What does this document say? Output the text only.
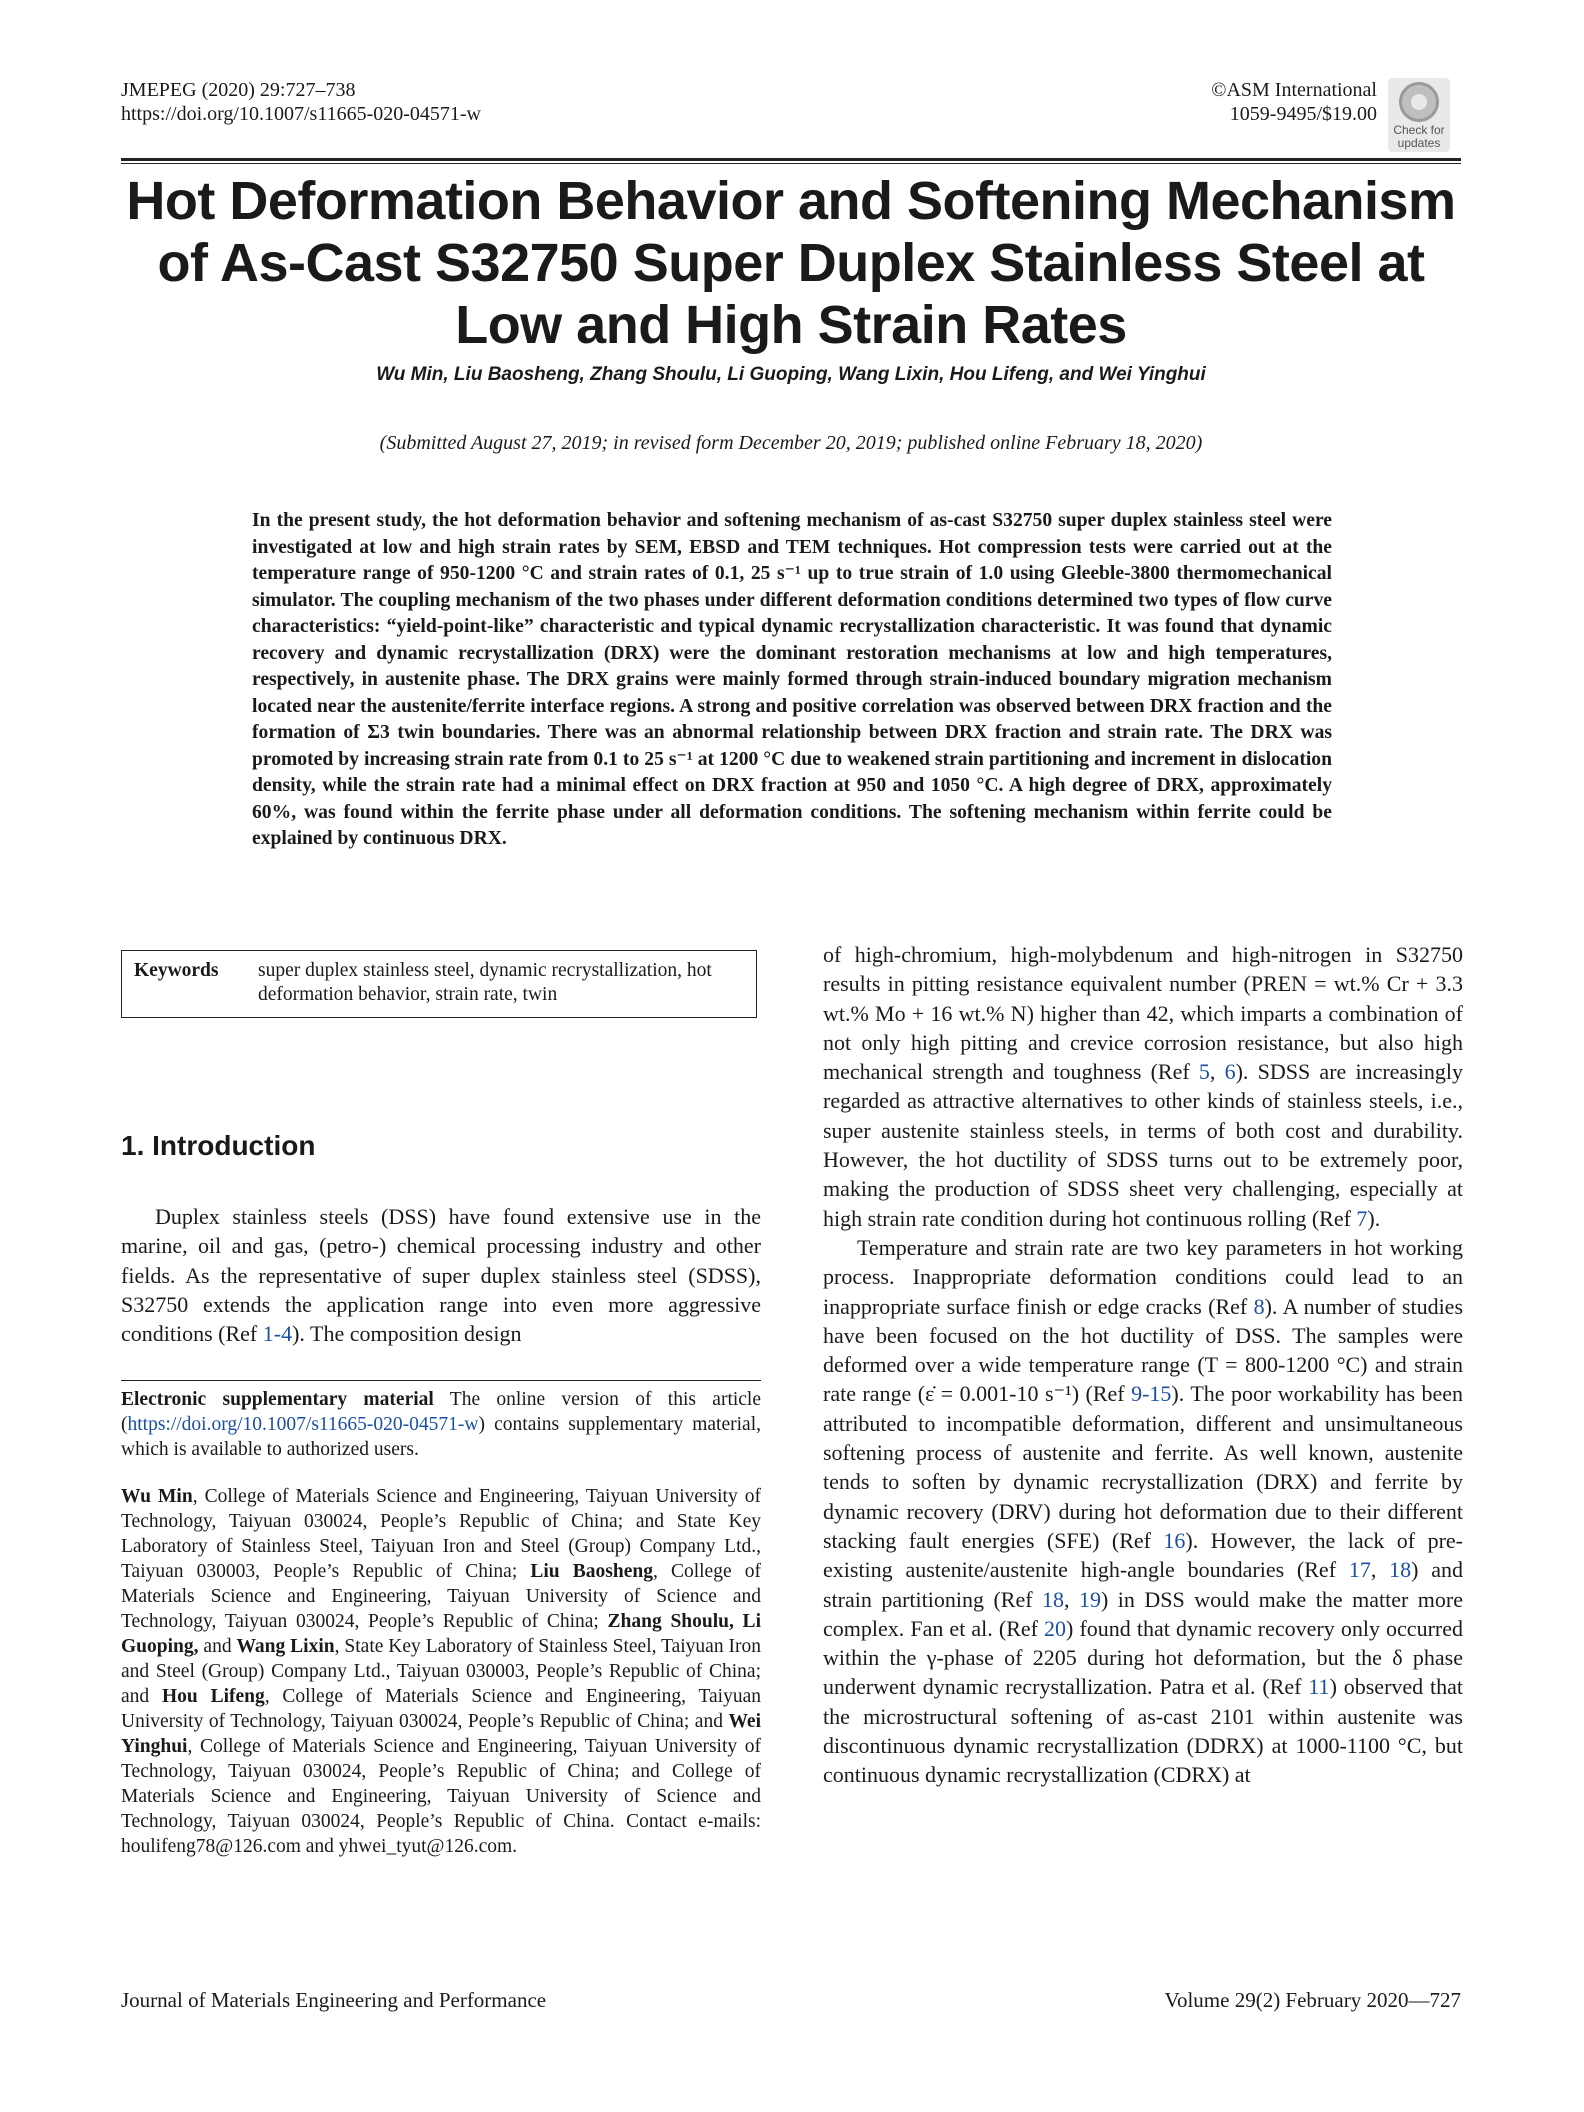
JMEPEG (2020) 29:727–738
https://doi.org/10.1007/s11665-020-04571-w
©ASM International
1059-9495/$19.00
Check for
updates
Hot Deformation Behavior and Softening Mechanism of As-Cast S32750 Super Duplex Stainless Steel at Low and High Strain Rates
Wu Min, Liu Baosheng, Zhang Shoulu, Li Guoping, Wang Lixin, Hou Lifeng, and Wei Yinghui
(Submitted August 27, 2019; in revised form December 20, 2019; published online February 18, 2020)
In the present study, the hot deformation behavior and softening mechanism of as-cast S32750 super duplex stainless steel were investigated at low and high strain rates by SEM, EBSD and TEM techniques. Hot compression tests were carried out at the temperature range of 950-1200 °C and strain rates of 0.1, 25 s⁻¹ up to true strain of 1.0 using Gleeble-3800 thermomechanical simulator. The coupling mechanism of the two phases under different deformation conditions determined two types of flow curve characteristics: “yield-point-like” characteristic and typical dynamic recrystallization characteristic. It was found that dynamic recovery and dynamic recrystallization (DRX) were the dominant restoration mechanisms at low and high temperatures, respectively, in austenite phase. The DRX grains were mainly formed through strain-induced boundary migration mechanism located near the austenite/ferrite interface regions. A strong and positive correlation was observed between DRX fraction and the formation of Σ3 twin boundaries. There was an abnormal relationship between DRX fraction and strain rate. The DRX was promoted by increasing strain rate from 0.1 to 25 s⁻¹ at 1200 °C due to weakened strain partitioning and increment in dislocation density, while the strain rate had a minimal effect on DRX fraction at 950 and 1050 °C. A high degree of DRX, approximately 60%, was found within the ferrite phase under all deformation conditions. The softening mechanism within ferrite could be explained by continuous DRX.
Keywords	super duplex stainless steel, dynamic recrystallization, hot deformation behavior, strain rate, twin
1. Introduction
Duplex stainless steels (DSS) have found extensive use in the marine, oil and gas, (petro-) chemical processing industry and other fields. As the representative of super duplex stainless steel (SDSS), S32750 extends the application range into even more aggressive conditions (Ref 1-4). The composition design
Electronic supplementary material The online version of this article (https://doi.org/10.1007/s11665-020-04571-w) contains supplementary material, which is available to authorized users.
Wu Min, College of Materials Science and Engineering, Taiyuan University of Technology, Taiyuan 030024, People’s Republic of China; and State Key Laboratory of Stainless Steel, Taiyuan Iron and Steel (Group) Company Ltd., Taiyuan 030003, People’s Republic of China; Liu Baosheng, College of Materials Science and Engineering, Taiyuan University of Science and Technology, Taiyuan 030024, People’s Republic of China; Zhang Shoulu, Li Guoping, and Wang Lixin, State Key Laboratory of Stainless Steel, Taiyuan Iron and Steel (Group) Company Ltd., Taiyuan 030003, People’s Republic of China; and Hou Lifeng, College of Materials Science and Engineering, Taiyuan University of Technology, Taiyuan 030024, People’s Republic of China; and Wei Yinghui, College of Materials Science and Engineering, Taiyuan University of Technology, Taiyuan 030024, People’s Republic of China; and College of Materials Science and Engineering, Taiyuan University of Science and Technology, Taiyuan 030024, People’s Republic of China. Contact e-mails: houlifeng78@126.com and yhwei_tyut@126.com.

of high-chromium, high-molybdenum and high-nitrogen in S32750 results in pitting resistance equivalent number (PREN = wt.% Cr + 3.3 wt.% Mo + 16 wt.% N) higher than 42, which imparts a combination of not only high pitting and crevice corrosion resistance, but also high mechanical strength and toughness (Ref 5, 6). SDSS are increasingly regarded as attractive alternatives to other kinds of stainless steels, i.e., super austenite stainless steels, in terms of both cost and durability. However, the hot ductility of SDSS turns out to be extremely poor, making the production of SDSS sheet very challenging, especially at high strain rate condition during hot continuous rolling (Ref 7).

Temperature and strain rate are two key parameters in hot working process. Inappropriate deformation conditions could lead to an inappropriate surface finish or edge cracks (Ref 8). A number of studies have been focused on the hot ductility of DSS. The samples were deformed over a wide temperature range (T = 800-1200 °C) and strain rate range (ε̇ = 0.001-10 s⁻¹) (Ref 9-15). The poor workability has been attributed to incompatible deformation, different and unsimultaneous softening process of austenite and ferrite. As well known, austenite tends to soften by dynamic recrystallization (DRX) and ferrite by dynamic recovery (DRV) during hot deformation due to their different stacking fault energies (SFE) (Ref 16). However, the lack of pre-existing austenite/austenite high-angle boundaries (Ref 17, 18) and strain partitioning (Ref 18, 19) in DSS would make the matter more complex. Fan et al. (Ref 20) found that dynamic recovery only occurred within the γ-phase of 2205 during hot deformation, but the δ phase underwent dynamic recrystallization. Patra et al. (Ref 11) observed that the microstructural softening of as-cast 2101 within austenite was discontinuous dynamic recrystallization (DDRX) at 1000-1100 °C, but continuous dynamic recrystallization (CDRX) at

Journal of Materials Engineering and Performance	Volume 29(2) February 2020—727
